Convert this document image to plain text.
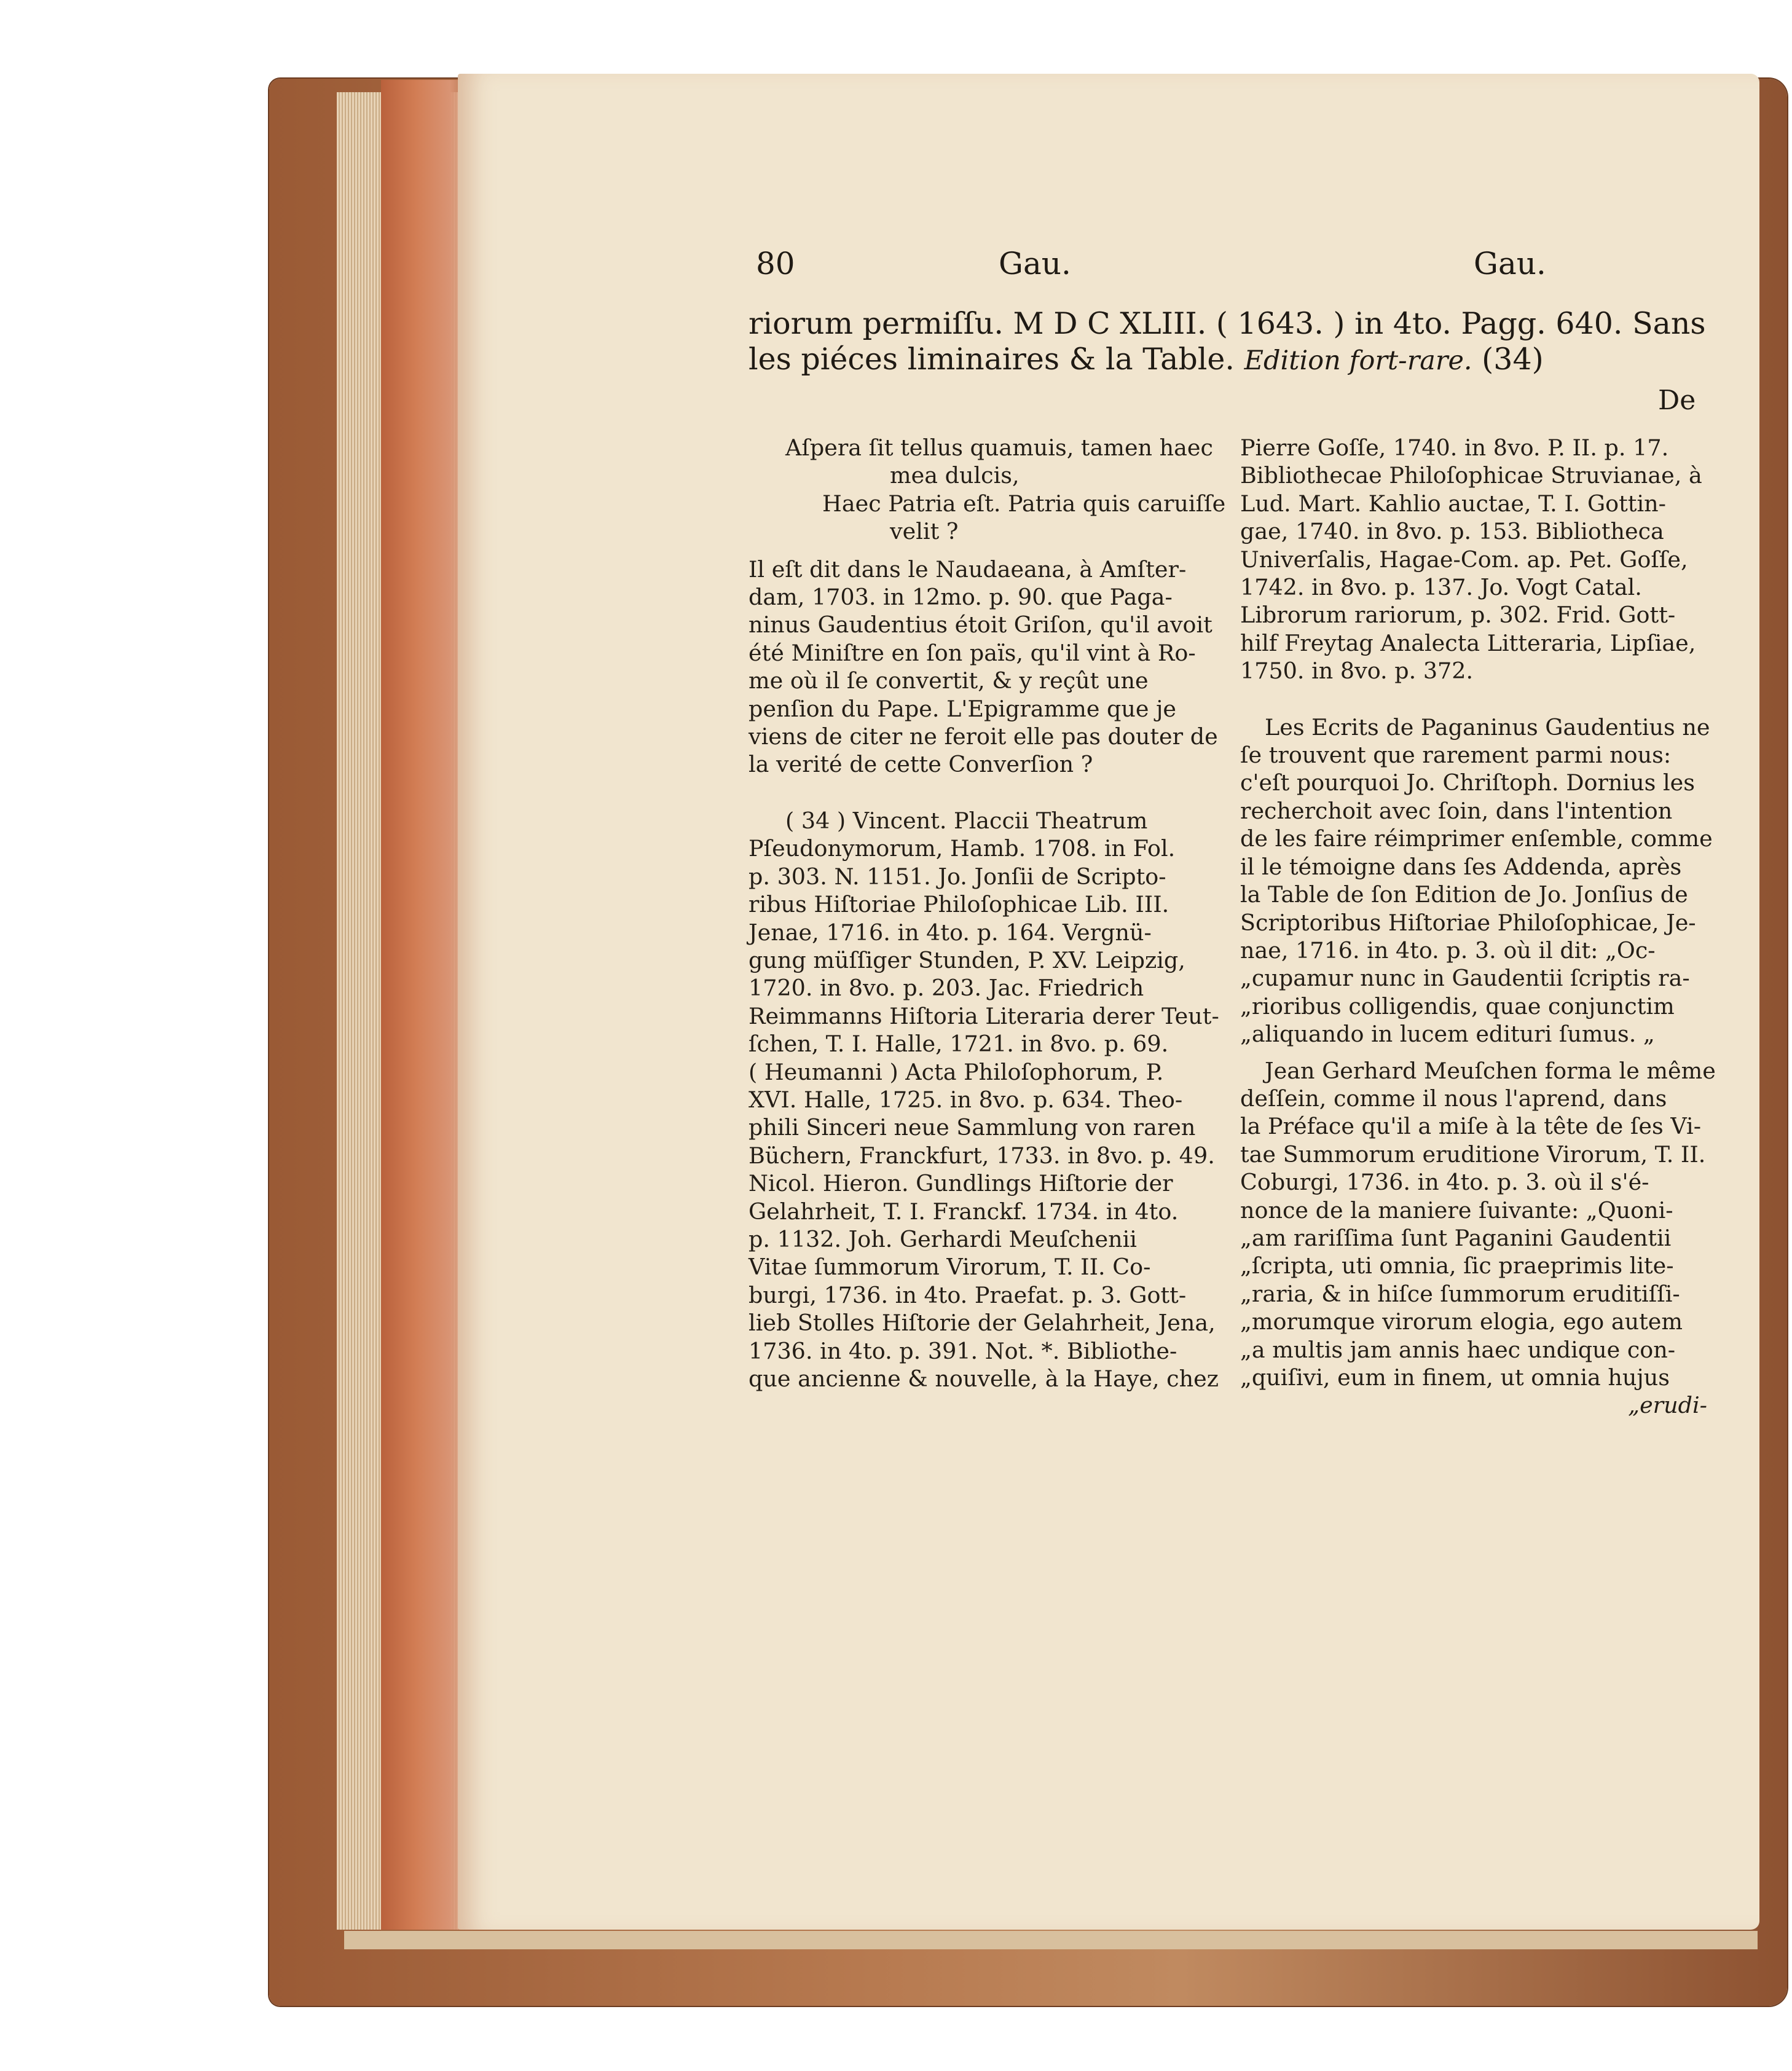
80	Gau.	Gau.
riorum permiſſu. M D C XLIII. ( 1643. ) in 4to. Pagg. 640. Sans
les piéces liminaires & la Table. Edition fort-rare. (34)
De
Aſpera ſit tellus quamuis, tamen haec
mea dulcis,
Haec Patria eſt. Patria quis caruiſſe
velit ?

Il eſt dit dans le Naudaeana, à Amſter-
dam, 1703. in 12mo. p. 90. que Paga-
ninus Gaudentius étoit Griſon, qu'il avoit
été Miniſtre en ſon païs, qu'il vint à Ro-
me où il ſe convertit, & y reçût une
penſion du Pape. L'Epigramme que je
viens de citer ne feroit elle pas douter de
la verité de cette Converſion ?

( 34 ) Vincent. Placcii Theatrum
Pſeudonymorum, Hamb. 1708. in Fol.
p. 303. N. 1151. Jo. Jonſii de Scripto-
ribus Hiſtoriae Philoſophicae Lib. III.
Jenae, 1716. in 4to. p. 164. Vergnü-
gung müſſiger Stunden, P. XV. Leipzig,
1720. in 8vo. p. 203. Jac. Friedrich
Reimmanns Hiſtoria Literaria derer Teut-
ſchen, T. I. Halle, 1721. in 8vo. p. 69.
( Heumanni ) Acta Philoſophorum, P.
XVI. Halle, 1725. in 8vo. p. 634. Theo-
phili Sinceri neue Sammlung von raren
Büchern, Franckfurt, 1733. in 8vo. p. 49.
Nicol. Hieron. Gundlings Hiſtorie der
Gelahrheit, T. I. Franckf. 1734. in 4to.
p. 1132. Joh. Gerhardi Meuſchenii
Vitae ſummorum Virorum, T. II. Co-
burgi, 1736. in 4to. Praefat. p. 3. Gott-
lieb Stolles Hiſtorie der Gelahrheit, Jena,
1736. in 4to. p. 391. Not. *. Bibliothe-
que ancienne & nouvelle, à la Haye, chez

Pierre Goſſe, 1740. in 8vo. P. II. p. 17.
Bibliothecae Philoſophicae Struvianae, à
Lud. Mart. Kahlio auctae, T. I. Gottin-
gae, 1740. in 8vo. p. 153. Bibliotheca
Univerſalis, Hagae-Com. ap. Pet. Goſſe,
1742. in 8vo. p. 137. Jo. Vogt Catal.
Librorum rariorum, p. 302. Frid. Gott-
hilf Freytag Analecta Litteraria, Lipſiae,
1750. in 8vo. p. 372.

Les Ecrits de Paganinus Gaudentius ne
ſe trouvent que rarement parmi nous:
c'eſt pourquoi Jo. Chriſtoph. Dornius les
recherchoit avec ſoin, dans l'intention
de les faire réimprimer enſemble, comme
il le témoigne dans ſes Addenda, après
la Table de ſon Edition de Jo. Jonſius de
Scriptoribus Hiſtoriae Philoſophicae, Je-
nae, 1716. in 4to. p. 3. où il dit: „Oc-
„cupamur nunc in Gaudentii ſcriptis ra-
„rioribus colligendis, quae conjunctim
„aliquando in lucem edituri ſumus. „

Jean Gerhard Meuſchen forma le même
deſſein, comme il nous l'aprend, dans
la Préface qu'il a miſe à la tête de ſes Vi-
tae Summorum eruditione Virorum, T. II.
Coburgi, 1736. in 4to. p. 3. où il s'é-
nonce de la maniere ſuivante: „Quoni-
„am rariſſima ſunt Paganini Gaudentii
„ſcripta, uti omnia, ſic praeprimis lite-
„raria, & in hiſce ſummorum eruditiſſi-
„morumque virorum elogia, ego autem
„a multis jam annis haec undique con-
„quiſivi, eum in finem, ut omnia hujus

„erudi-
